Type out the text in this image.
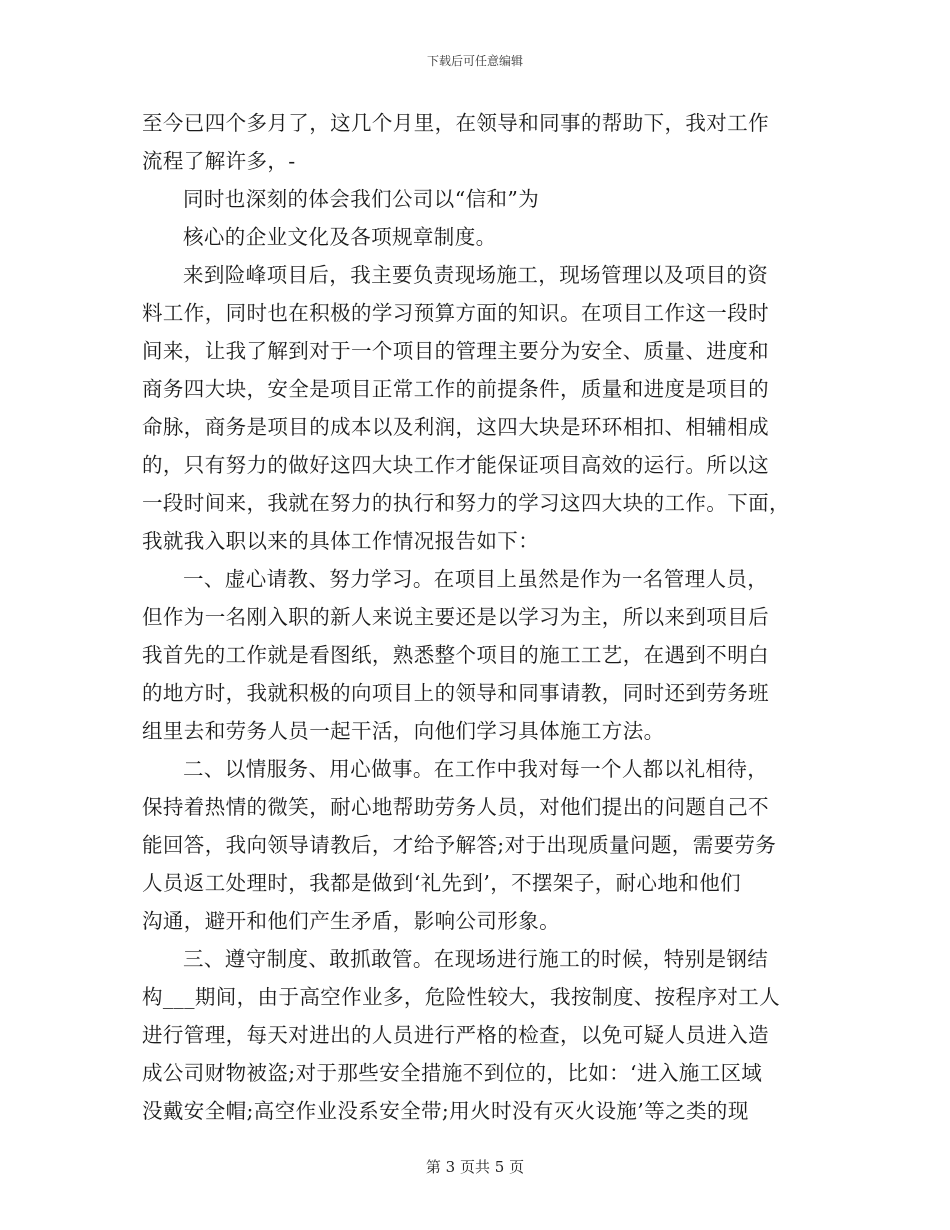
下载后可任意编辑
至今已四个多月了，这几个月里，在领导和同事的帮助下，我对工作
流程了解许多，-
同时也深刻的体会我们公司以“信和”为
核心的企业文化及各项规章制度。
来到险峰项目后，我主要负责现场施工，现场管理以及项目的资
料工作，同时也在积极的学习预算方面的知识。在项目工作这一段时
间来，让我了解到对于一个项目的管理主要分为安全、质量、进度和
商务四大块，安全是项目正常工作的前提条件，质量和进度是项目的
命脉，商务是项目的成本以及利润，这四大块是环环相扣、相辅相成
的，只有努力的做好这四大块工作才能保证项目高效的运行。所以这
一段时间来，我就在努力的执行和努力的学习这四大块的工作。下面，
我就我入职以来的具体工作情况报告如下：
一、虚心请教、努力学习。在项目上虽然是作为一名管理人员，
但作为一名刚入职的新人来说主要还是以学习为主，所以来到项目后
我首先的工作就是看图纸，熟悉整个项目的施工工艺，在遇到不明白
的地方时，我就积极的向项目上的领导和同事请教，同时还到劳务班
组里去和劳务人员一起干活，向他们学习具体施工方法。
二、以情服务、用心做事。在工作中我对每一个人都以礼相待，
保持着热情的微笑，耐心地帮助劳务人员，对他们提出的问题自己不
能回答，我向领导请教后，才给予解答;对于出现质量问题，需要劳务
人员返工处理时，我都是做到‘礼先到’，不摆架子，耐心地和他们
沟通，避开和他们产生矛盾，影响公司形象。
三、遵守制度、敢抓敢管。在现场进行施工的时候，特别是钢结
构___期间，由于高空作业多，危险性较大，我按制度、按程序对工人
进行管理，每天对进出的人员进行严格的检查，以免可疑人员进入造
成公司财物被盗;对于那些安全措施不到位的，比如：‘进入施工区域
没戴安全帽;高空作业没系安全带;用火时没有灭火设施’等之类的现
第 3 页共 5 页
